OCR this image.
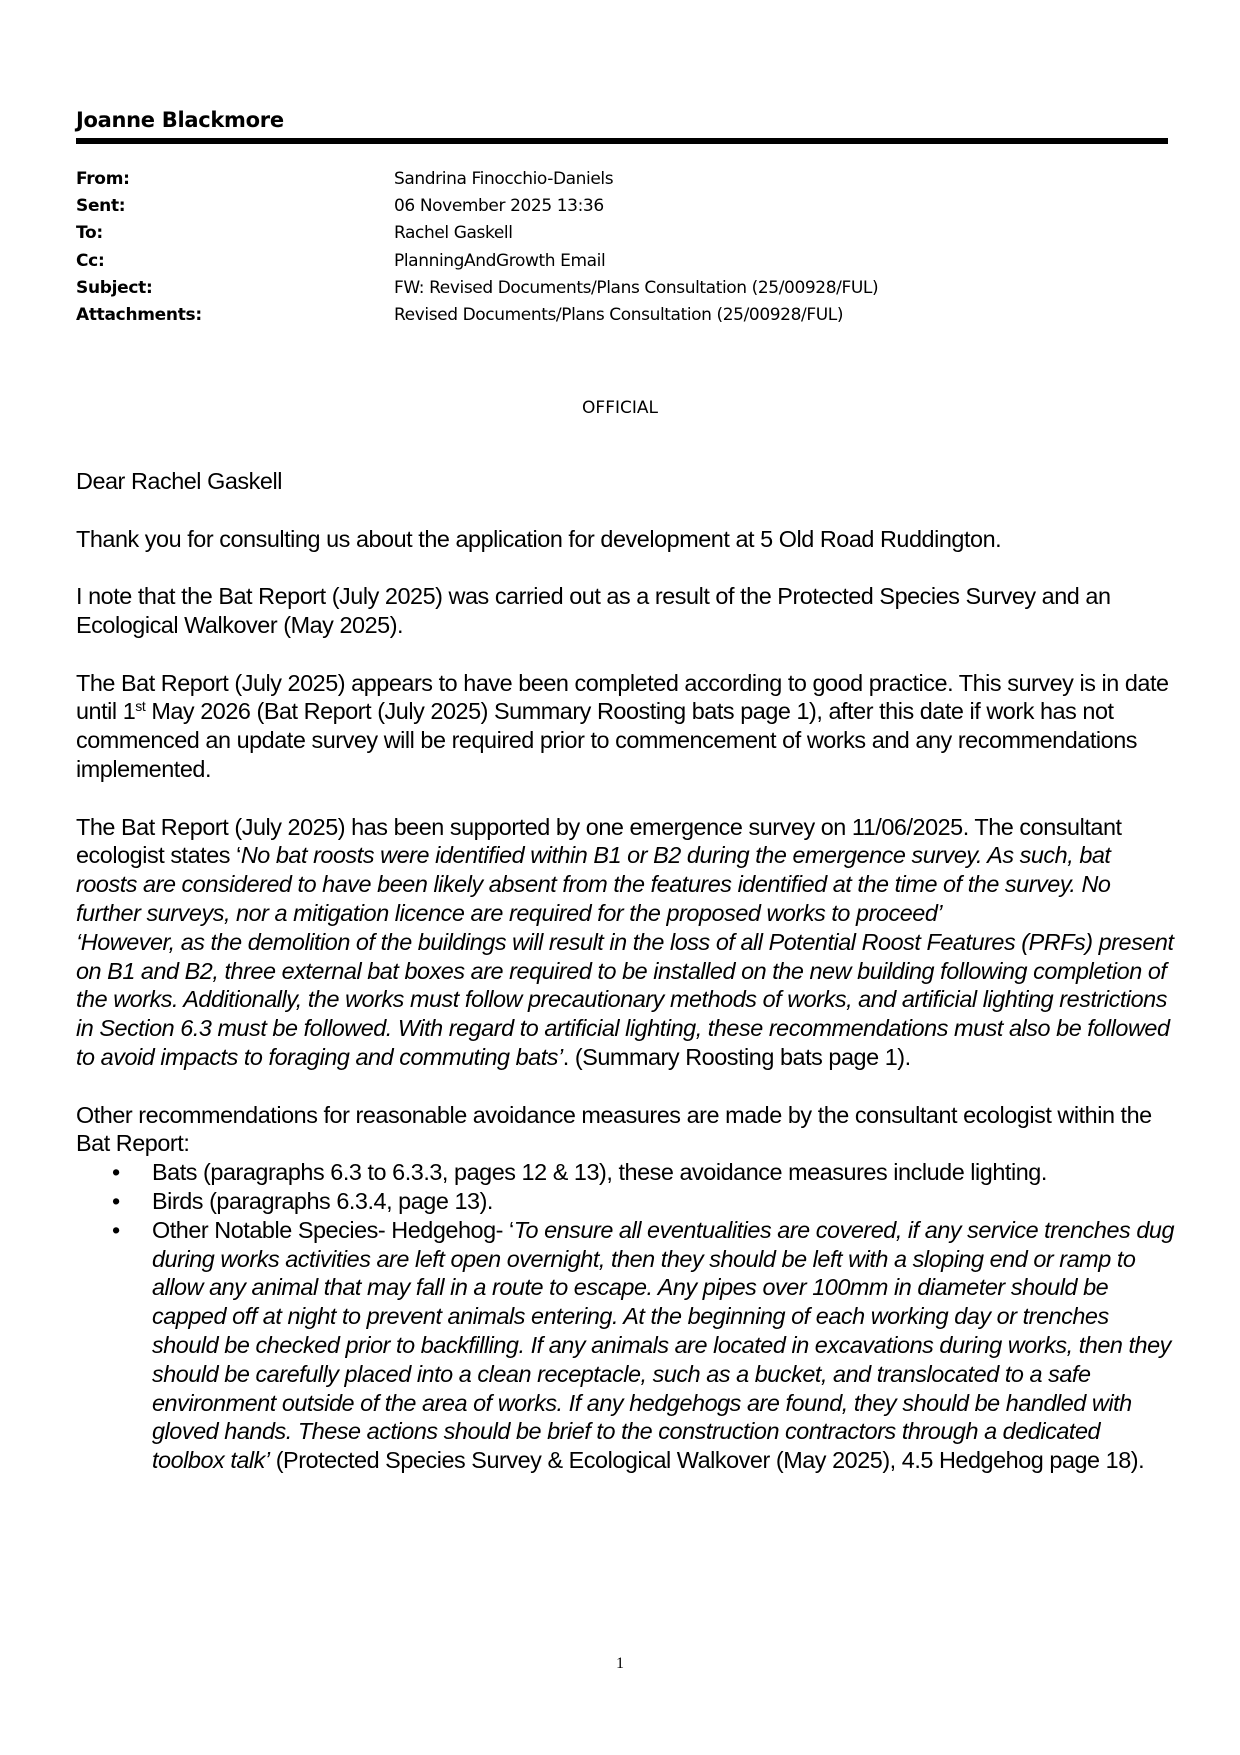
Joanne Blackmore
From:	Sandrina Finocchio-Daniels
Sent:	06 November 2025 13:36
To:	Rachel Gaskell
Cc:	PlanningAndGrowth Email
Subject:	FW: Revised Documents/Plans Consultation (25/00928/FUL)
Attachments:	Revised Documents/Plans Consultation (25/00928/FUL)
OFFICIAL

Dear Rachel Gaskell

Thank you for consulting us about the application for development at 5 Old Road Ruddington.

I note that the Bat Report (July 2025) was carried out as a result of the Protected Species Survey and an Ecological Walkover (May 2025).

The Bat Report (July 2025) appears to have been completed according to good practice. This survey is in date until 1st May 2026 (Bat Report (July 2025) Summary Roosting bats page 1), after this date if work has not commenced an update survey will be required prior to commencement of works and any recommendations implemented.

The Bat Report (July 2025) has been supported by one emergence survey on 11/06/2025. The consultant ecologist states ‘No bat roosts were identified within B1 or B2 during the emergence survey. As such, bat roosts are considered to have been likely absent from the features identified at the time of the survey. No further surveys, nor a mitigation licence are required for the proposed works to proceed’
‘However, as the demolition of the buildings will result in the loss of all Potential Roost Features (PRFs) present on B1 and B2, three external bat boxes are required to be installed on the new building following completion of the works. Additionally, the works must follow precautionary methods of works, and artificial lighting restrictions in Section 6.3 must be followed. With regard to artificial lighting, these recommendations must also be followed to avoid impacts to foraging and commuting bats’. (Summary Roosting bats page 1).

Other recommendations for reasonable avoidance measures are made by the consultant ecologist within the Bat Report:
• Bats (paragraphs 6.3 to 6.3.3, pages 12 & 13), these avoidance measures include lighting.
• Birds (paragraphs 6.3.4, page 13).
• Other Notable Species- Hedgehog- ‘To ensure all eventualities are covered, if any service trenches dug during works activities are left open overnight, then they should be left with a sloping end or ramp to allow any animal that may fall in a route to escape. Any pipes over 100mm in diameter should be capped off at night to prevent animals entering. At the beginning of each working day or trenches should be checked prior to backfilling. If any animals are located in excavations during works, then they should be carefully placed into a clean receptacle, such as a bucket, and translocated to a safe environment outside of the area of works. If any hedgehogs are found, they should be handled with gloved hands. These actions should be brief to the construction contractors through a dedicated toolbox talk’ (Protected Species Survey & Ecological Walkover (May 2025), 4.5 Hedgehog page 18).
1
